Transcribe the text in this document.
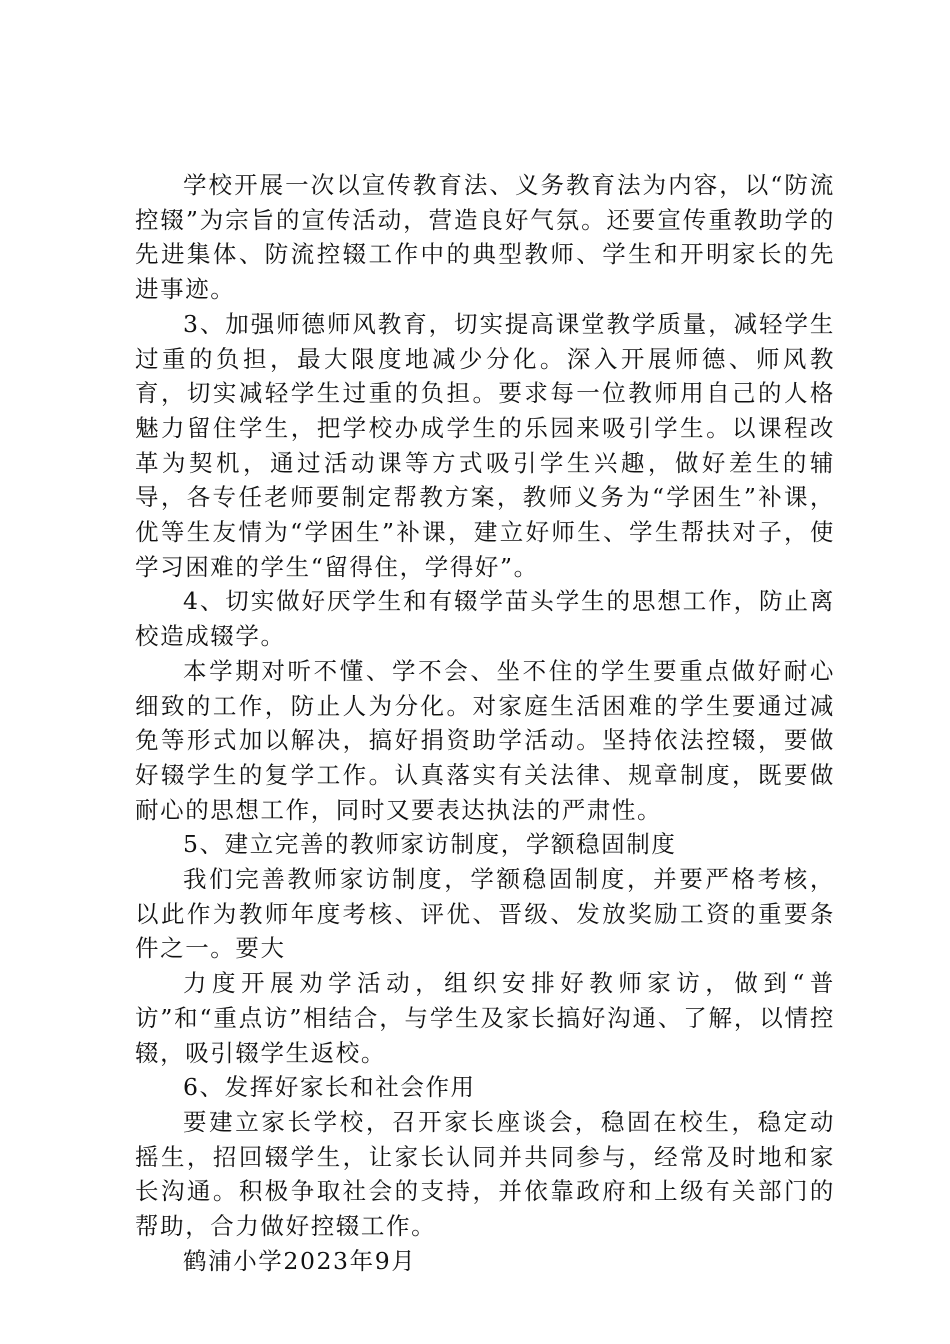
学校开展一次以宣传教育法、义务教育法为内容，以“防流控辍”为宗旨的宣传活动，营造良好气氛。还要宣传重教助学的先进集体、防流控辍工作中的典型教师、学生和开明家长的先进事迹。

3、加强师德师风教育，切实提高课堂教学质量，减轻学生过重的负担，最大限度地减少分化。深入开展师德、师风教育，切实减轻学生过重的负担。要求每一位教师用自己的人格魅力留住学生，把学校办成学生的乐园来吸引学生。以课程改革为契机，通过活动课等方式吸引学生兴趣，做好差生的辅导，各专任老师要制定帮教方案，教师义务为“学困生”补课，优等生友情为“学困生”补课，建立好师生、学生帮扶对子，使学习困难的学生“留得住，学得好”。

4、切实做好厌学生和有辍学苗头学生的思想工作，防止离校造成辍学。

本学期对听不懂、学不会、坐不住的学生要重点做好耐心细致的工作，防止人为分化。对家庭生活困难的学生要通过减免等形式加以解决，搞好捐资助学活动。坚持依法控辍，要做好辍学生的复学工作。认真落实有关法律、规章制度，既要做耐心的思想工作，同时又要表达执法的严肃性。

5、建立完善的教师家访制度，学额稳固制度

我们完善教师家访制度，学额稳固制度，并要严格考核，以此作为教师年度考核、评优、晋级、发放奖励工资的重要条件之一。要大

力度开展劝学活动，组织安排好教师家访，做到“普访”和“重点访”相结合，与学生及家长搞好沟通、了解，以情控辍，吸引辍学生返校。

6、发挥好家长和社会作用

要建立家长学校，召开家长座谈会，稳固在校生，稳定动摇生，招回辍学生，让家长认同并共同参与，经常及时地和家长沟通。积极争取社会的支持，并依靠政府和上级有关部门的帮助，合力做好控辍工作。

鹤浦小学2023年9月
